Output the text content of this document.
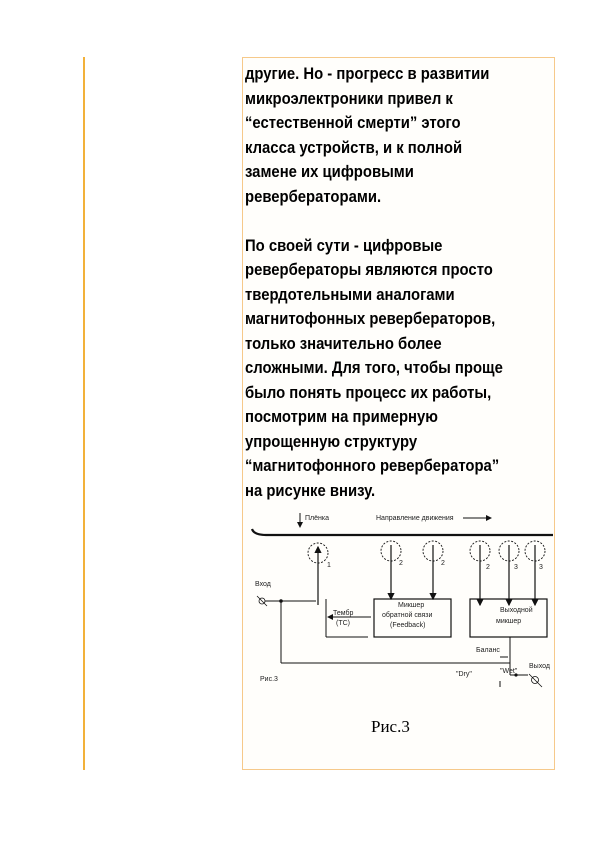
другие. Но - прогресс в развитии
микроэлектроники привел к
“естественной смерти” этого
класса устройств, и к полной
замене их цифровыми
ревербераторами.

По своей сути - цифровые
ревербераторы являются просто
твердотельными аналогами
магнитофонных ревербераторов,
только значительно более
сложными. Для того, чтобы проще
было понять процесс их работы,
посмотрим на примерную
упрощенную структуру
“магнитофонного ревербератора”
на рисунке внизу.

Плёнка	Направление движения
1	2	2
2	3	3
Вход
Тембр
(ТС)
Микшер
обратной связи
(Feedback)
Выходной
микшер
Баланс
"Dry"	"Wet"
Выход
Рис.3
Рис.3
